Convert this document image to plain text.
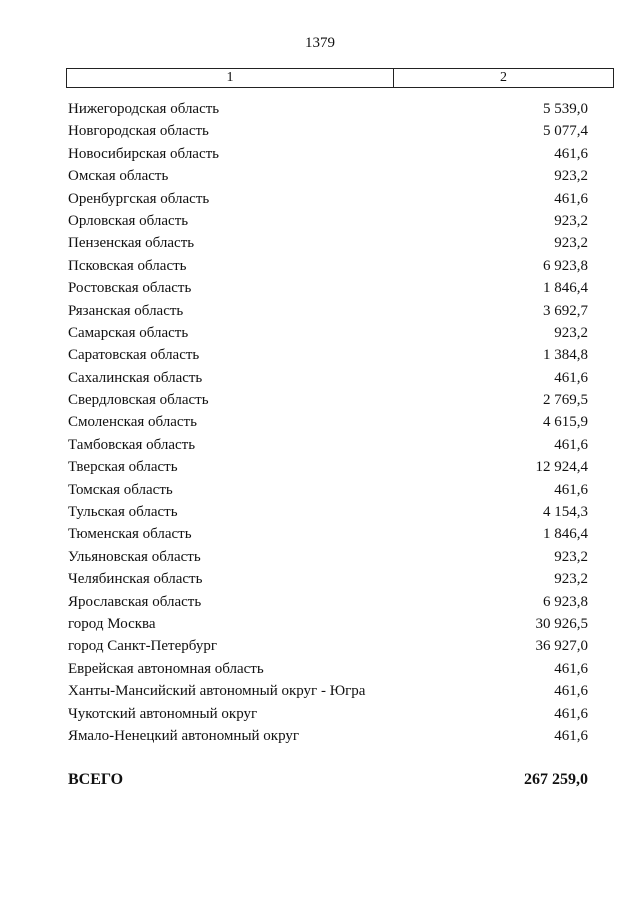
1379
1	2
Нижегородская область	5 539,0
Новгородская область	5 077,4
Новосибирская область	461,6
Омская область	923,2
Оренбургская область	461,6
Орловская область	923,2
Пензенская область	923,2
Псковская область	6 923,8
Ростовская область	1 846,4
Рязанская область	3 692,7
Самарская область	923,2
Саратовская область	1 384,8
Сахалинская область	461,6
Свердловская область	2 769,5
Смоленская область	4 615,9
Тамбовская область	461,6
Тверская область	12 924,4
Томская область	461,6
Тульская область	4 154,3
Тюменская область	1 846,4
Ульяновская область	923,2
Челябинская область	923,2
Ярославская область	6 923,8
город Москва	30 926,5
город Санкт-Петербург	36 927,0
Еврейская автономная область	461,6
Ханты-Мансийский автономный округ - Югра	461,6
Чукотский автономный округ	461,6
Ямало-Ненецкий автономный округ	461,6
ВСЕГО	267 259,0
